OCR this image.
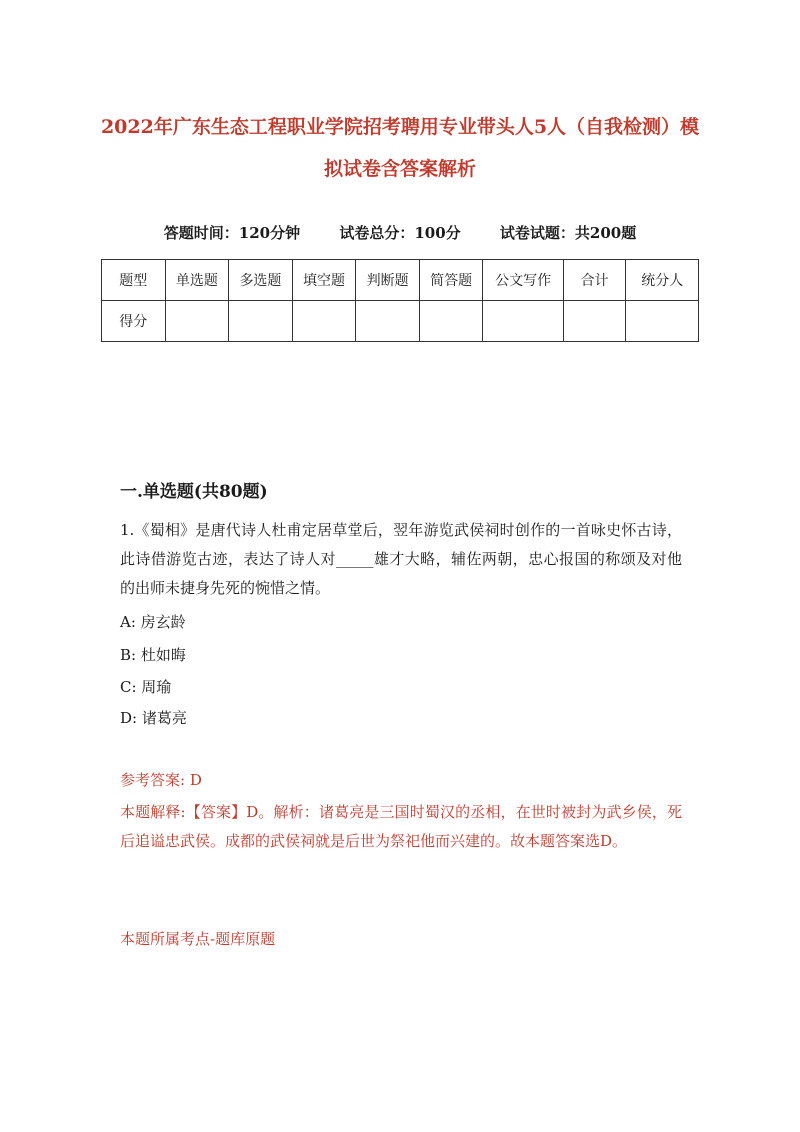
2022年广东生态工程职业学院招考聘用专业带头人5人（自我检测）模拟试卷含答案解析
答题时间：120分钟	试卷总分：100分	试卷试题：共200题
题型	单选题	多选题	填空题	判断题	简答题	公文写作	合计	统分人
得分								
一.单选题(共80题)
1.《蜀相》是唐代诗人杜甫定居草堂后，翌年游览武侯祠时创作的一首咏史怀古诗，此诗借游览古迹，表达了诗人对_____雄才大略，辅佐两朝，忠心报国的称颂及对他的出师未捷身先死的惋惜之情。
A: 房玄龄
B: 杜如晦
C: 周瑜
D: 诸葛亮
参考答案: D
本题解释:【答案】D。解析：诸葛亮是三国时蜀汉的丞相，在世时被封为武乡侯，死后追谥忠武侯。成都的武侯祠就是后世为祭祀他而兴建的。故本题答案选D。
本题所属考点-题库原题
